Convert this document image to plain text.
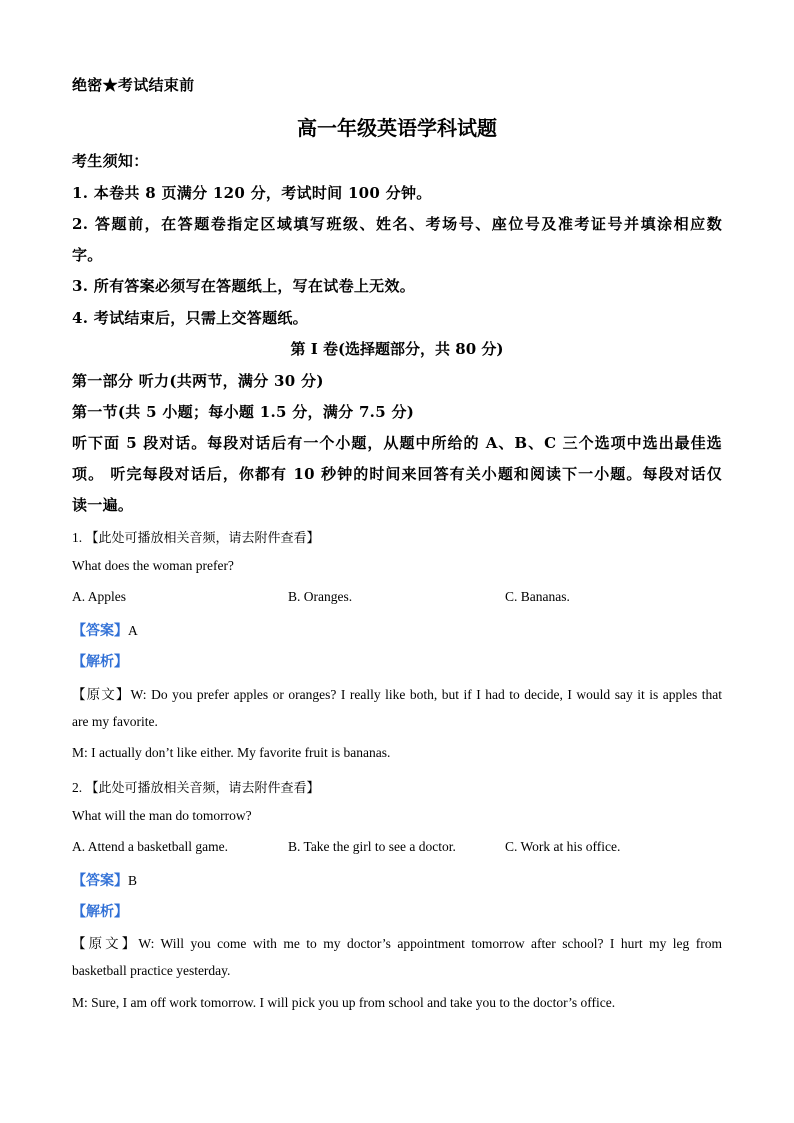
绝密★考试结束前
高一年级英语学科试题
考生须知：
1. 本卷共 8 页满分 120 分，考试时间 100 分钟。
2. 答题前，在答题卷指定区域填写班级、姓名、考场号、座位号及准考证号并填涂相应数
字。
3. 所有答案必须写在答题纸上，写在试卷上无效。
4. 考试结束后，只需上交答题纸。
第 I 卷(选择题部分，共 80 分)
第一部分 听力(共两节，满分 30 分)
第一节(共 5 小题；每小题 1.5 分，满分 7.5 分)
听下面 5 段对话。每段对话后有一个小题，从题中所给的 A、B、C 三个选项中选出最佳选
项。 听完每段对话后，你都有 10 秒钟的时间来回答有关小题和阅读下一小题。每段对话仅
读一遍。
1. 【此处可播放相关音频，请去附件查看】
What does the woman prefer?
A. Apples	B. Oranges.	C. Bananas.
【答案】A
【解析】
【原文】W: Do you prefer apples or oranges? I really like both, but if I had to decide, I would say it is apples that
are my favorite.
M: I actually don’t like either. My favorite fruit is bananas.
2. 【此处可播放相关音频，请去附件查看】
What will the man do tomorrow?
A. Attend a basketball game.	B. Take the girl to see a doctor.	C. Work at his office.
【答案】B
【解析】
【原文】W: Will you come with me to my doctor’s appointment tomorrow after school? I hurt my leg from
basketball practice yesterday.
M: Sure, I am off work tomorrow. I will pick you up from school and take you to the doctor’s office.
